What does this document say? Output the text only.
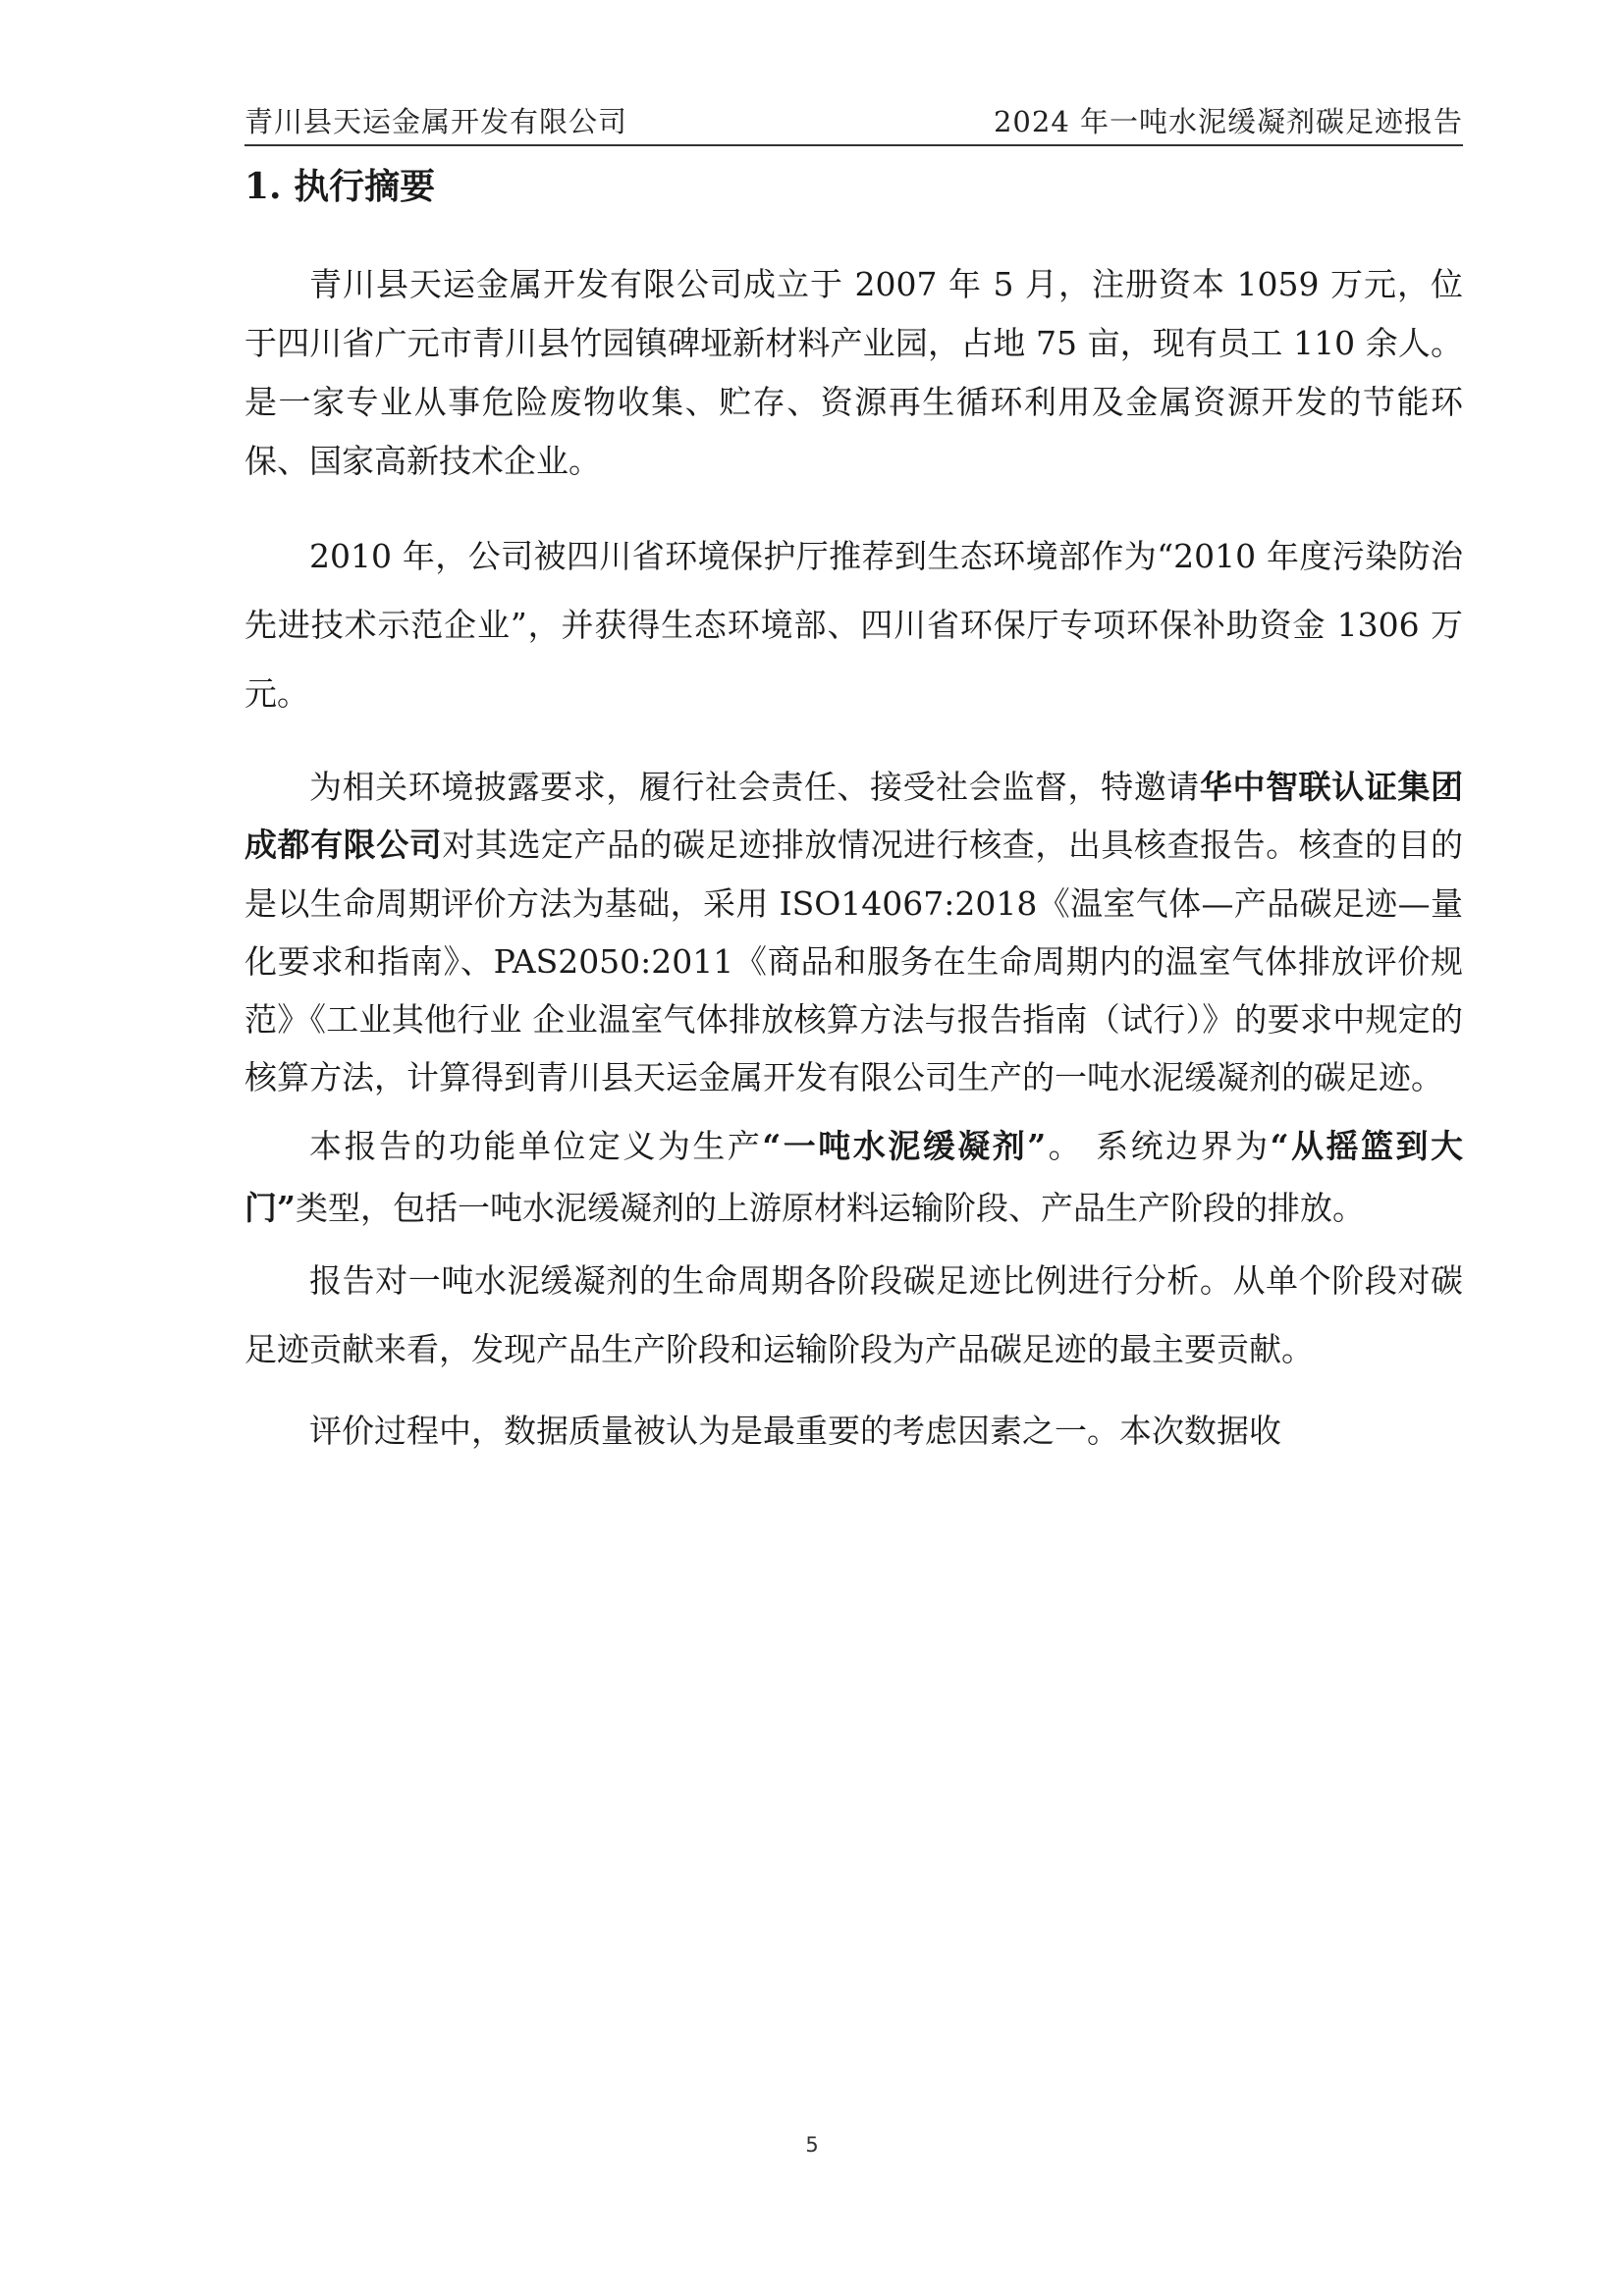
青川县天运金属开发有限公司	2024 年一吨水泥缓凝剂碳足迹报告
1. 执行摘要

青川县天运金属开发有限公司成立于 2007 年 5 月，注册资本 1059 万元，位于四川省广元市青川县竹园镇碑垭新材料产业园，占地 75 亩，现有员工 110 余人。是一家专业从事危险废物收集、贮存、资源再生循环利用及金属资源开发的节能环保、国家高新技术企业。

2010 年，公司被四川省环境保护厅推荐到生态环境部作为“2010 年度污染防治先进技术示范企业”，并获得生态环境部、四川省环保厅专项环保补助资金 1306 万元。

为相关环境披露要求，履行社会责任、接受社会监督，特邀请华中智联认证集团成都有限公司对其选定产品的碳足迹排放情况进行核查，出具核查报告。核查的目的是以生命周期评价方法为基础，采用 ISO14067:2018《温室气体—产品碳足迹—量化要求和指南》、PAS2050:2011《商品和服务在生命周期内的温室气体排放评价规范》《工业其他行业 企业温室气体排放核算方法与报告指南（试行）》的要求中规定的核算方法，计算得到青川县天运金属开发有限公司生产的一吨水泥缓凝剂的碳足迹。

本报告的功能单位定义为生产“一吨水泥缓凝剂”。 系统边界为“从摇篮到大门”类型，包括一吨水泥缓凝剂的上游原材料运输阶段、产品生产阶段的排放。

报告对一吨水泥缓凝剂的生命周期各阶段碳足迹比例进行分析。从单个阶段对碳足迹贡献来看，发现产品生产阶段和运输阶段为产品碳足迹的最主要贡献。

评价过程中，数据质量被认为是最重要的考虑因素之一。本次数据收

5
